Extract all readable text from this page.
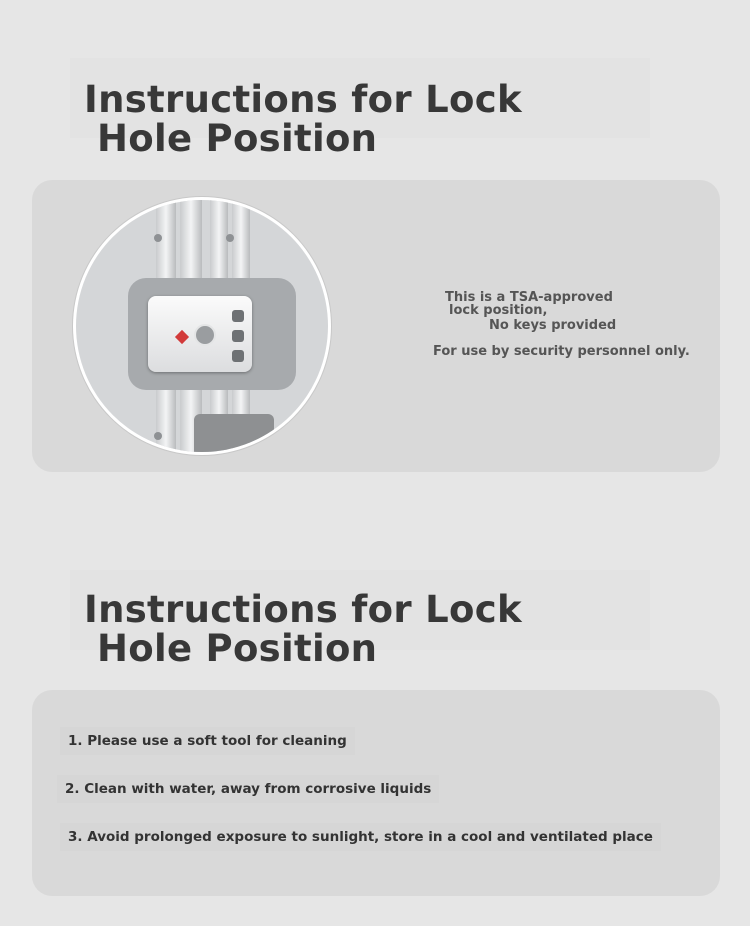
Instructions for Lock
Hole Position
This is a TSA-approved
lock position,
No keys provided
For use by security personnel only.
Instructions for Lock
Hole Position
1. Please use a soft tool for cleaning
2. Clean with water, away from corrosive liquids
3. Avoid prolonged exposure to sunlight, store in a cool and ventilated place
